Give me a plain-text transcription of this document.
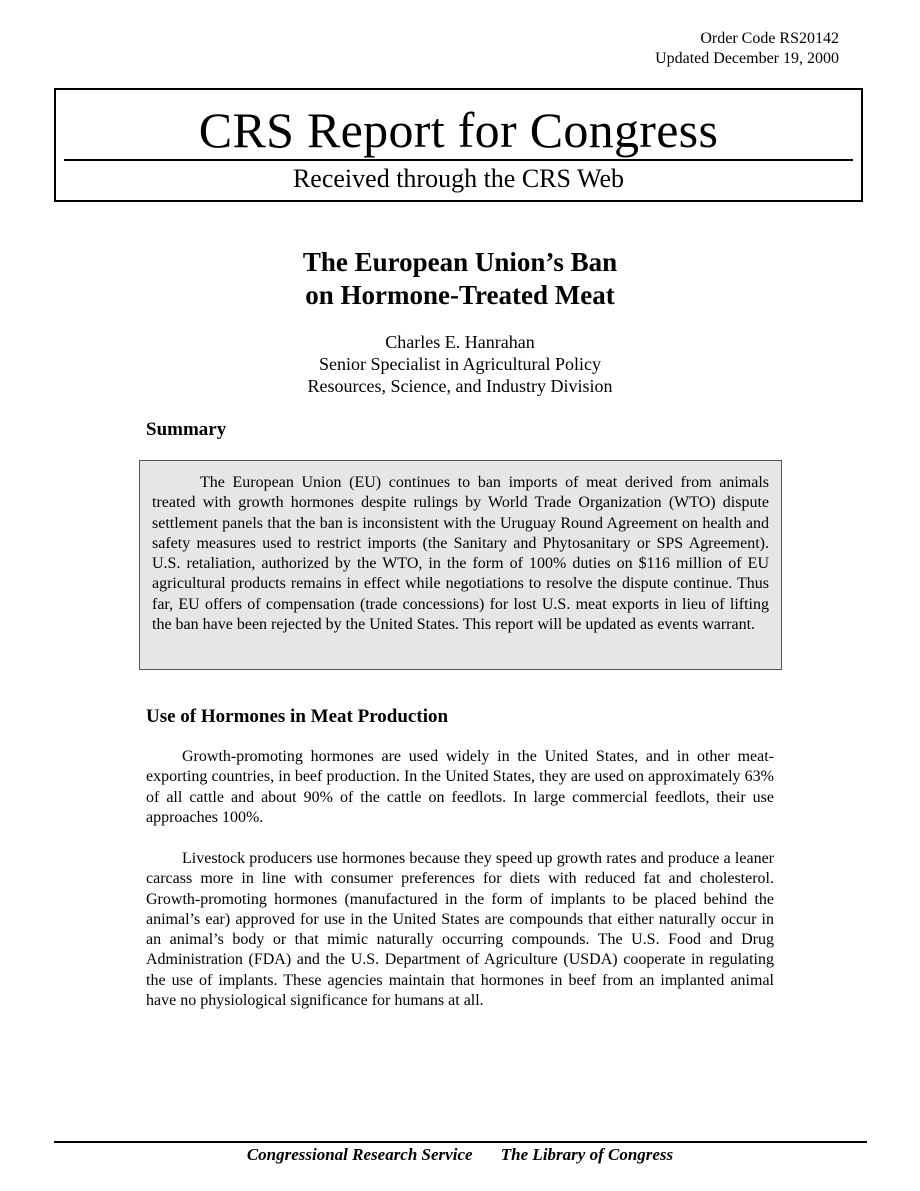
Order Code RS20142
Updated December 19, 2000
CRS Report for Congress
Received through the CRS Web
The European Union’s Ban
on Hormone-Treated Meat
Charles E. Hanrahan
Senior Specialist in Agricultural Policy
Resources, Science, and Industry Division
Summary
The European Union (EU) continues to ban imports of meat derived from animals treated with growth hormones despite rulings by World Trade Organization (WTO) dispute settlement panels that the ban is inconsistent with the Uruguay Round Agreement on health and safety measures used to restrict imports (the Sanitary and Phytosanitary or SPS Agreement). U.S. retaliation, authorized by the WTO, in the form of 100% duties on $116 million of EU agricultural products remains in effect while negotiations to resolve the dispute continue. Thus far, EU offers of compensation (trade concessions) for lost U.S. meat exports in lieu of lifting the ban have been rejected by the United States. This report will be updated as events warrant.
Use of Hormones in Meat Production
Growth-promoting hormones are used widely in the United States, and in other meat-exporting countries, in beef production. In the United States, they are used on approximately 63% of all cattle and about 90% of the cattle on feedlots. In large commercial feedlots, their use approaches 100%.
Livestock producers use hormones because they speed up growth rates and produce a leaner carcass more in line with consumer preferences for diets with reduced fat and cholesterol. Growth-promoting hormones (manufactured in the form of implants to be placed behind the animal’s ear) approved for use in the United States are compounds that either naturally occur in an animal’s body or that mimic naturally occurring compounds. The U.S. Food and Drug Administration (FDA) and the U.S. Department of Agriculture (USDA) cooperate in regulating the use of implants. These agencies maintain that hormones in beef from an implanted animal have no physiological significance for humans at all.
Congressional Research Service The Library of Congress
